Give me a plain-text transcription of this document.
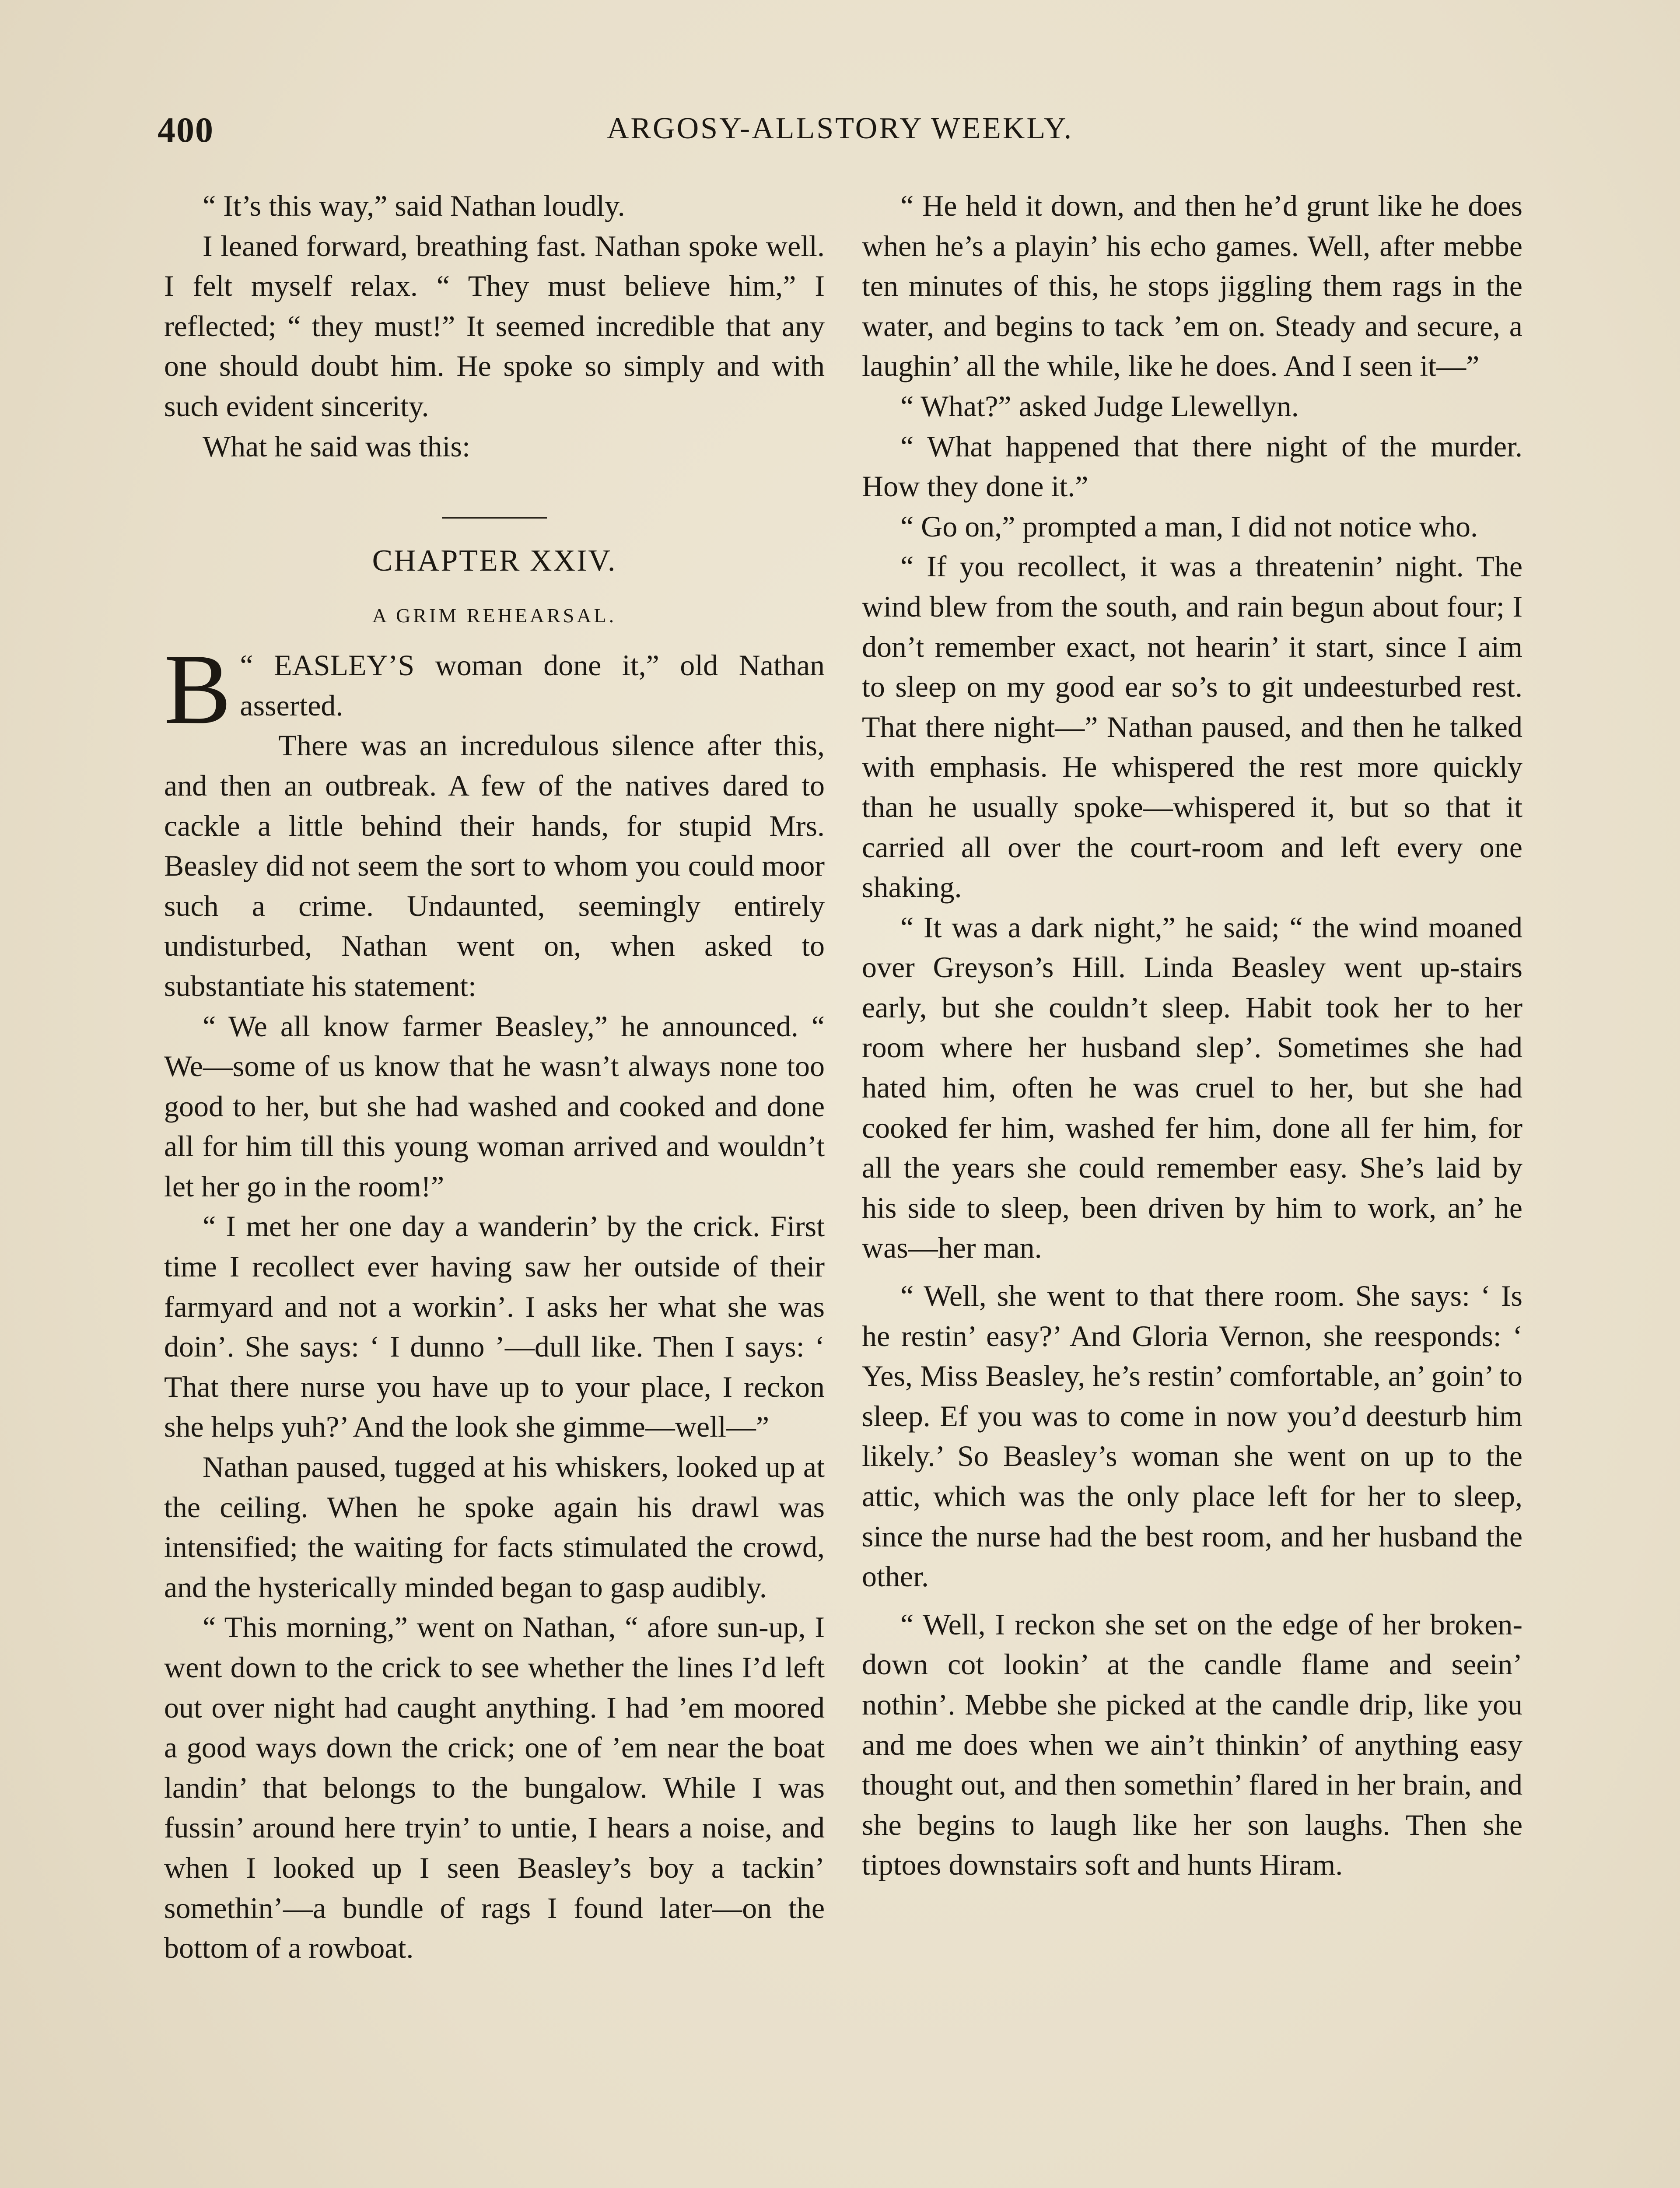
400	ARGOSY-ALLSTORY WEEKLY.

“ It’s this way,” said Nathan loudly.

I leaned forward, breathing fast. Nathan spoke well. I felt myself relax. “ They must believe him,” I reflected; “ they must!” It seemed incredible that any one should doubt him. He spoke so simply and with such evident sincerity.

What he said was this:

CHAPTER XXIV.
A GRIM REHEARSAL.

B “ EASLEY’S woman done it,” old Nathan asserted.

There was an incredulous silence after this, and then an outbreak. A few of the natives dared to cackle a little behind their hands, for stupid Mrs. Beasley did not seem the sort to whom you could moor such a crime. Undaunted, seemingly entirely undisturbed, Nathan went on, when asked to substantiate his statement:

“ We all know farmer Beasley,” he announced. “ We—some of us know that he wasn’t always none too good to her, but she had washed and cooked and done all for him till this young woman arrived and wouldn’t let her go in the room!”

“ I met her one day a wanderin’ by the crick. First time I recollect ever having saw her outside of their farmyard and not a workin’. I asks her what she was doin’. She says: ‘ I dunno ’—dull like. Then I says: ‘ That there nurse you have up to your place, I reckon she helps yuh?’ And the look she gimme—well—”

Nathan paused, tugged at his whiskers, looked up at the ceiling. When he spoke again his drawl was intensified; the waiting for facts stimulated the crowd, and the hysterically minded began to gasp audibly.

“ This morning,” went on Nathan, “ afore sun-up, I went down to the crick to see whether the lines I’d left out over night had caught anything. I had ’em moored a good ways down the crick; one of ’em near the boat landin’ that belongs to the bungalow. While I was fussin’ around here tryin’ to untie, I hears a noise, and when I looked up I seen Beasley’s boy a tackin’ somethin’—a bundle of rags I found later—on the bottom of a rowboat.

“ He held it down, and then he’d grunt like he does when he’s a playin’ his echo games. Well, after mebbe ten minutes of this, he stops jiggling them rags in the water, and begins to tack ’em on. Steady and secure, a laughin’ all the while, like he does. And I seen it—”

“ What?” asked Judge Llewellyn.

“ What happened that there night of the murder. How they done it.”

“ Go on,” prompted a man, I did not notice who.

“ If you recollect, it was a threatenin’ night. The wind blew from the south, and rain begun about four; I don’t remember exact, not hearin’ it start, since I aim to sleep on my good ear so’s to git undeesturbed rest. That there night—” Nathan paused, and then he talked with emphasis. He whispered the rest more quickly than he usually spoke—whispered it, but so that it carried all over the court-room and left every one shaking.

“ It was a dark night,” he said; “ the wind moaned over Greyson’s Hill. Linda Beasley went up-stairs early, but she couldn’t sleep. Habit took her to her room where her husband slep’. Sometimes she had hated him, often he was cruel to her, but she had cooked fer him, washed fer him, done all fer him, for all the years she could remember easy. She’s laid by his side to sleep, been driven by him to work, an’ he was—her man.

“ Well, she went to that there room. She says: ‘ Is he restin’ easy?’ And Gloria Vernon, she reesponds: ‘ Yes, Miss Beasley, he’s restin’ comfortable, an’ goin’ to sleep. Ef you was to come in now you’d deesturb him likely.’ So Beasley’s woman she went on up to the attic, which was the only place left for her to sleep, since the nurse had the best room, and her husband the other.

“ Well, I reckon she set on the edge of her broken-down cot lookin’ at the candle flame and seein’ nothin’. Mebbe she picked at the candle drip, like you and me does when we ain’t thinkin’ of anything easy thought out, and then somethin’ flared in her brain, and she begins to laugh like her son laughs. Then she tiptoes downstairs soft and hunts Hiram.
